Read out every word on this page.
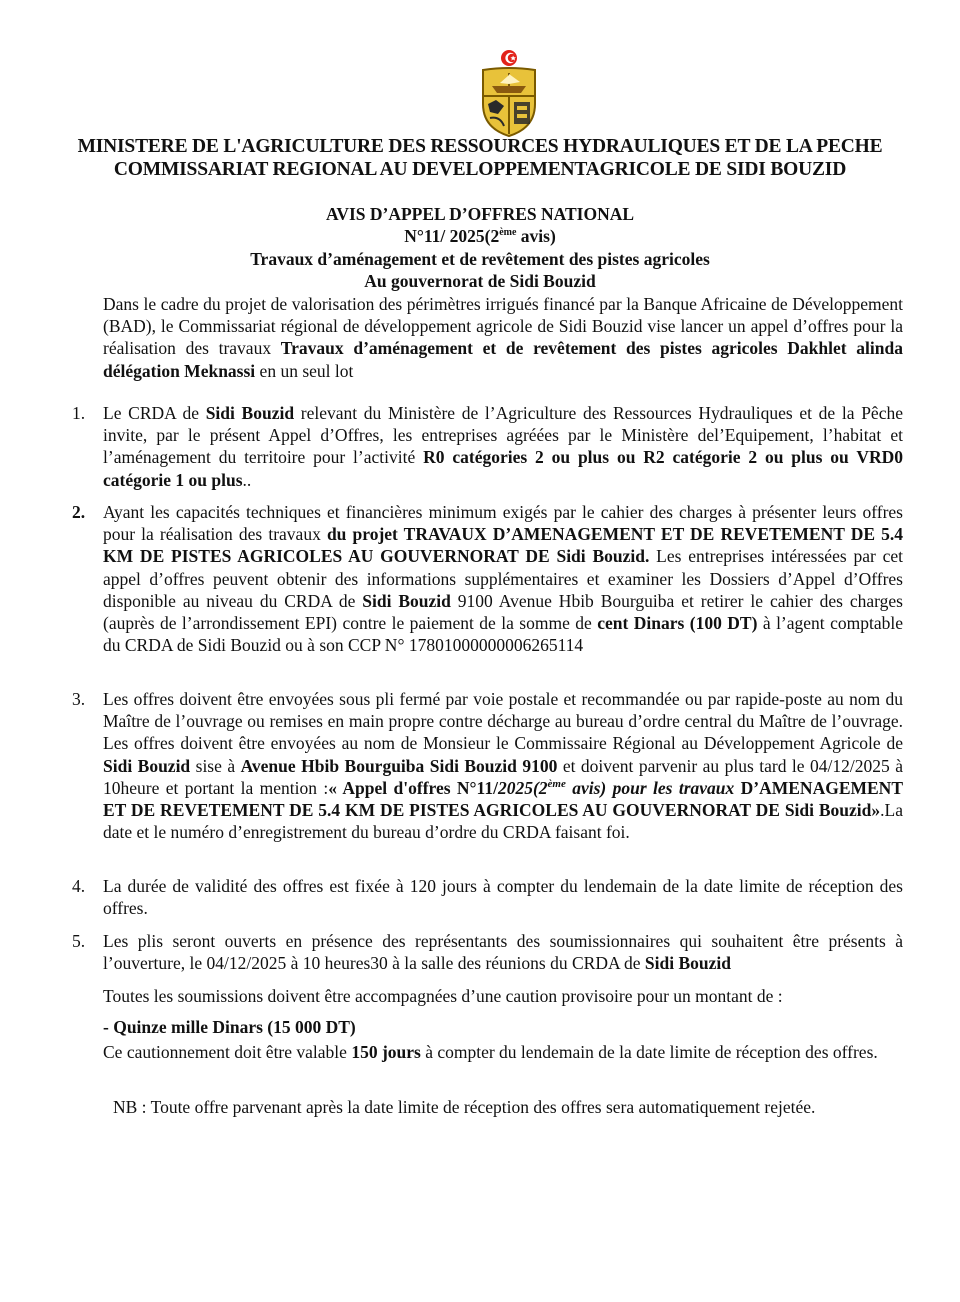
MINISTERE DE L'AGRICULTURE DES RESSOURCES HYDRAULIQUES ET DE LA PECHE
COMMISSARIAT REGIONAL AU DEVELOPPEMENTAGRICOLE DE SIDI BOUZID
AVIS D’APPEL D’OFFRES NATIONAL
N°11/ 2025(2ème avis)
Travaux d’aménagement et de revêtement des pistes agricoles
Au gouvernorat de Sidi Bouzid
Dans le cadre du projet de valorisation des périmètres irrigués financé par la Banque Africaine de Développement (BAD), le Commissariat régional de développement agricole de Sidi Bouzid vise lancer un appel d’offres pour la réalisation des travaux Travaux d’aménagement et de revêtement des pistes agricoles Dakhlet alinda délégation Meknassi en un seul lot
1.	Le CRDA de Sidi Bouzid relevant du Ministère de l’Agriculture des Ressources Hydrauliques et de la Pêche invite, par le présent Appel d’Offres, les entreprises agréées par le Ministère del’Equipement, l’habitat et l’aménagement du territoire pour l’activité R0 catégories 2 ou plus ou R2 catégorie 2 ou plus ou VRD0 catégorie 1 ou plus..
2.	Ayant les capacités techniques et financières minimum exigés par le cahier des charges à présenter leurs offres pour la réalisation des travaux du projet TRAVAUX D’AMENAGEMENT ET DE REVETEMENT DE 5.4 KM DE PISTES AGRICOLES AU GOUVERNORAT DE Sidi Bouzid. Les entreprises intéressées par cet appel d’offres peuvent obtenir des informations supplémentaires et examiner les Dossiers d’Appel d’Offres disponible au niveau du CRDA de Sidi Bouzid 9100 Avenue Hbib Bourguiba et retirer le cahier des charges (auprès de l’arrondissement EPI) contre le paiement de la somme de cent Dinars (100 DT) à l’agent comptable du CRDA de Sidi Bouzid ou à son CCP N° 17801000000006265114
3.	Les offres doivent être envoyées sous pli fermé par voie postale et recommandée ou par rapide-poste au nom du Maître de l’ouvrage ou remises en main propre contre décharge au bureau d’ordre central du Maître de l’ouvrage. Les offres doivent être envoyées au nom de Monsieur le Commissaire Régional au Développement Agricole de Sidi Bouzid sise à Avenue Hbib Bourguiba Sidi Bouzid 9100 et doivent parvenir au plus tard le 04/12/2025 à 10heure et portant la mention :« Appel d'offres N°11/2025(2ème avis) pour les travaux D’AMENAGEMENT ET DE REVETEMENT DE 5.4 KM DE PISTES AGRICOLES AU GOUVERNORAT DE Sidi Bouzid».La date et le numéro d’enregistrement du bureau d’ordre du CRDA faisant foi.
4.	La durée de validité des offres est fixée à 120 jours à compter du lendemain de la date limite de réception des offres.
5.	Les plis seront ouverts en présence des représentants des soumissionnaires qui souhaitent être présents à l’ouverture, le 04/12/2025 à 10 heures30 à la salle des réunions du CRDA de Sidi Bouzid
Toutes les soumissions doivent être accompagnées d’une caution provisoire pour un montant de :
- Quinze mille Dinars (15 000 DT)
Ce cautionnement doit être valable 150 jours à compter du lendemain de la date limite de réception des offres.
NB : Toute offre parvenant après la date limite de réception des offres sera automatiquement rejetée.
